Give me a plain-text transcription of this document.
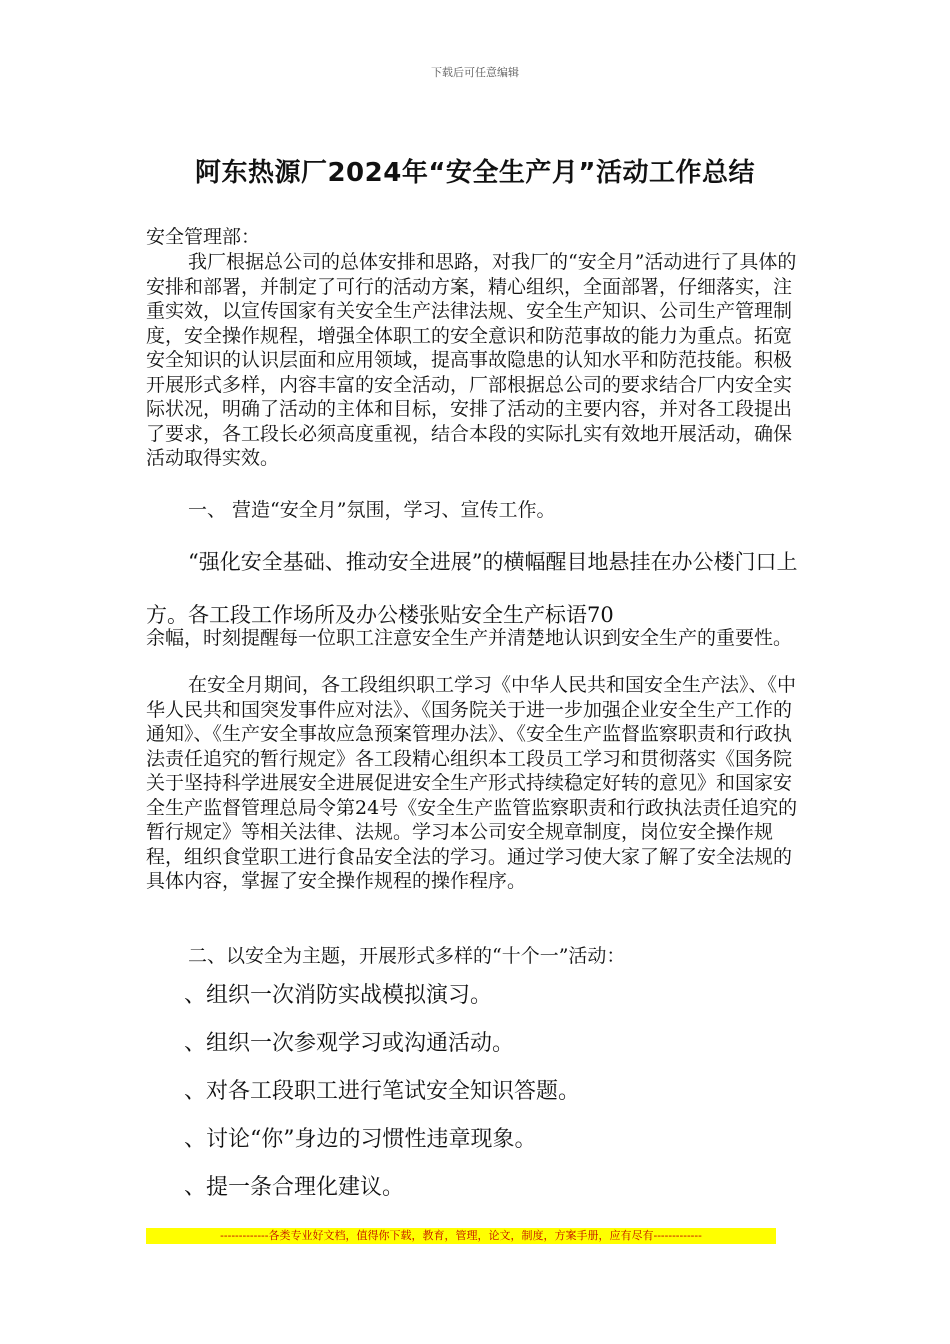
下载后可任意编辑
阿东热源厂2024年“安全生产月”活动工作总结

安全管理部：

我厂根据总公司的总体安排和思路，对我厂的“安全月”活动进行了具体的安排和部署，并制定了可行的活动方案，精心组织，全面部署，仔细落实，注重实效，以宣传国家有关安全生产法律法规、安全生产知识、公司生产管理制度，安全操作规程，增强全体职工的安全意识和防范事故的能力为重点。拓宽安全知识的认识层面和应用领域，提高事故隐患的认知水平和防范技能。积极开展形式多样，内容丰富的安全活动，厂部根据总公司的要求结合厂内安全实际状况，明确了活动的主体和目标，安排了活动的主要内容，并对各工段提出了要求，各工段长必须高度重视，结合本段的实际扎实有效地开展活动，确保活动取得实效。

一、 营造“安全月”氛围，学习、宣传工作。

“强化安全基础、推动安全进展”的横幅醒目地悬挂在办公楼门口上方。各工段工作场所及办公楼张贴安全生产标语70

余幅，时刻提醒每一位职工注意安全生产并清楚地认识到安全生产的重要性。

在安全月期间，各工段组织职工学习《中华人民共和国安全生产法》、《中华人民共和国突发事件应对法》、《国务院关于进一步加强企业安全生产工作的通知》、《生产安全事故应急预案管理办法》、《安全生产监督监察职责和行政执法责任追究的暂行规定》各工段精心组织本工段员工学习和贯彻落实《国务院关于坚持科学进展安全进展促进安全生产形式持续稳定好转的意见》和国家安全生产监督管理总局令第24号《安全生产监管监察职责和行政执法责任追究的暂行规定》等相关法律、法规。学习本公司安全规章制度，岗位安全操作规程，组织食堂职工进行食品安全法的学习。通过学习使大家了解了安全法规的具体内容，掌握了安全操作规程的操作程序。

二、以安全为主题，开展形式多样的“十个一”活动：

、组织一次消防实战模拟演习。
、组织一次参观学习或沟通活动。
、对各工段职工进行笔试安全知识答题。
、讨论“你”身边的习惯性违章现象。
、提一条合理化建议。
-------------各类专业好文档，值得你下载，教育，管理，论文，制度，方案手册，应有尽有-------------
